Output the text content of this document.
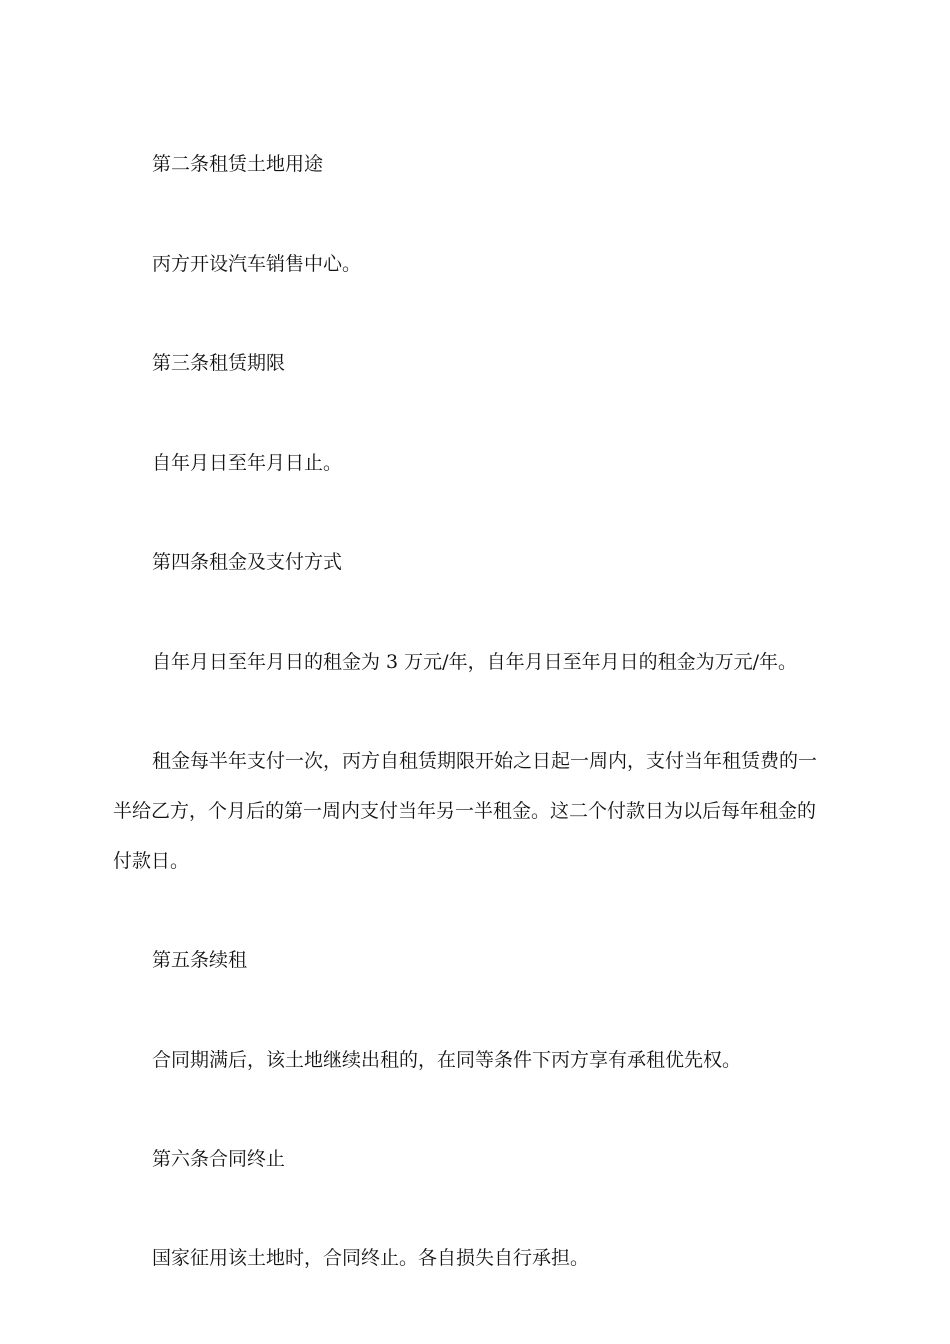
第二条租赁土地用途
丙方开设汽车销售中心。
第三条租赁期限
自年月日至年月日止。
第四条租金及支付方式
自年月日至年月日的租金为 3 万元/年，自年月日至年月日的租金为万元/年。
租金每半年支付一次，丙方自租赁期限开始之日起一周内，支付当年租赁费的一
半给乙方，个月后的第一周内支付当年另一半租金。这二个付款日为以后每年租金的
付款日。
第五条续租
合同期满后，该土地继续出租的，在同等条件下丙方享有承租优先权。
第六条合同终止
国家征用该土地时，合同终止。各自损失自行承担。
